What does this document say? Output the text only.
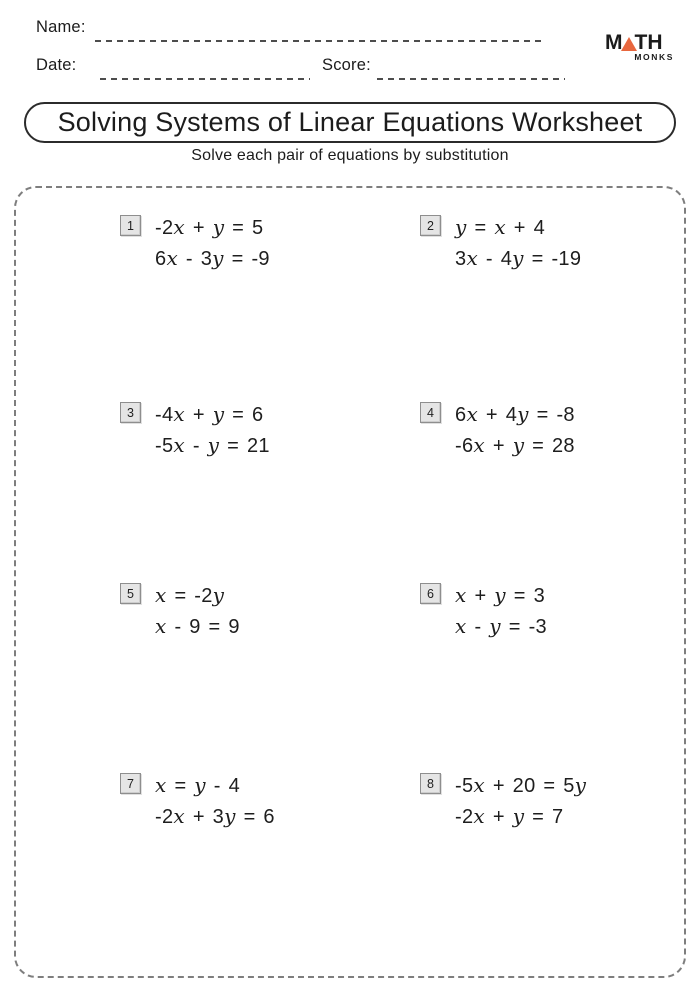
Name:
Date:	Score:
M TH
MONKS
Solving Systems of Linear Equations Worksheet
Solve each pair of equations by substitution
1	-2x + y = 5
6x - 3y = -9
2	y = x + 4
3x - 4y = -19
3	-4x + y = 6
-5x - y = 21
4	6x + 4y = -8
-6x + y = 28
5	x = -2y
x - 9 = 9
6	x + y = 3
x - y = -3
7	x = y - 4
-2x + 3y = 6
8	-5x + 20 = 5y
-2x + y = 7
